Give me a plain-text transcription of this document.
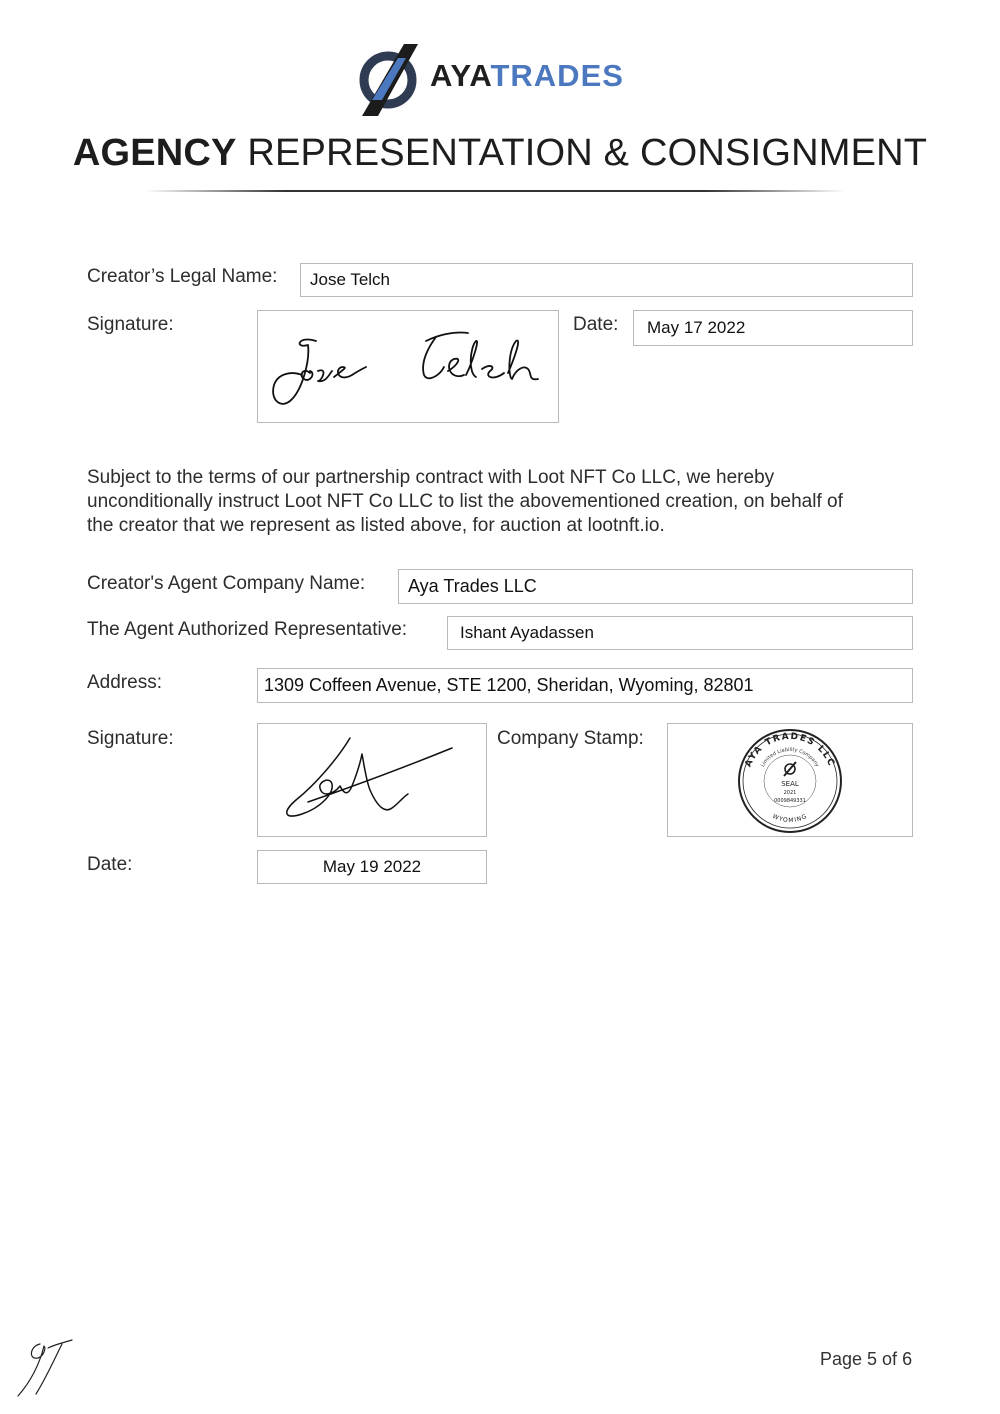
AYATRADES
AGENCY REPRESENTATION & CONSIGNMENT
Creator’s Legal Name:	Jose Telch
Signature:	Date:	May 17 2022
Subject to the terms of our partnership contract with Loot NFT Co LLC, we hereby
unconditionally instruct Loot NFT Co LLC to list the abovementioned creation, on behalf of
the creator that we represent as listed above, for auction at lootnft.io.
Creator's Agent Company Name:	Aya Trades LLC
The Agent Authorized Representative:	Ishant Ayadassen
Address:	1309 Coffeen Avenue, STE 1200, Sheridan, Wyoming, 82801
Signature:	Company Stamp:
AYA TRADES LLC
Limited Liability Company
WYOMING
SEAL
2021
0009849331
Date:	May 19 2022
Page 5 of 6
